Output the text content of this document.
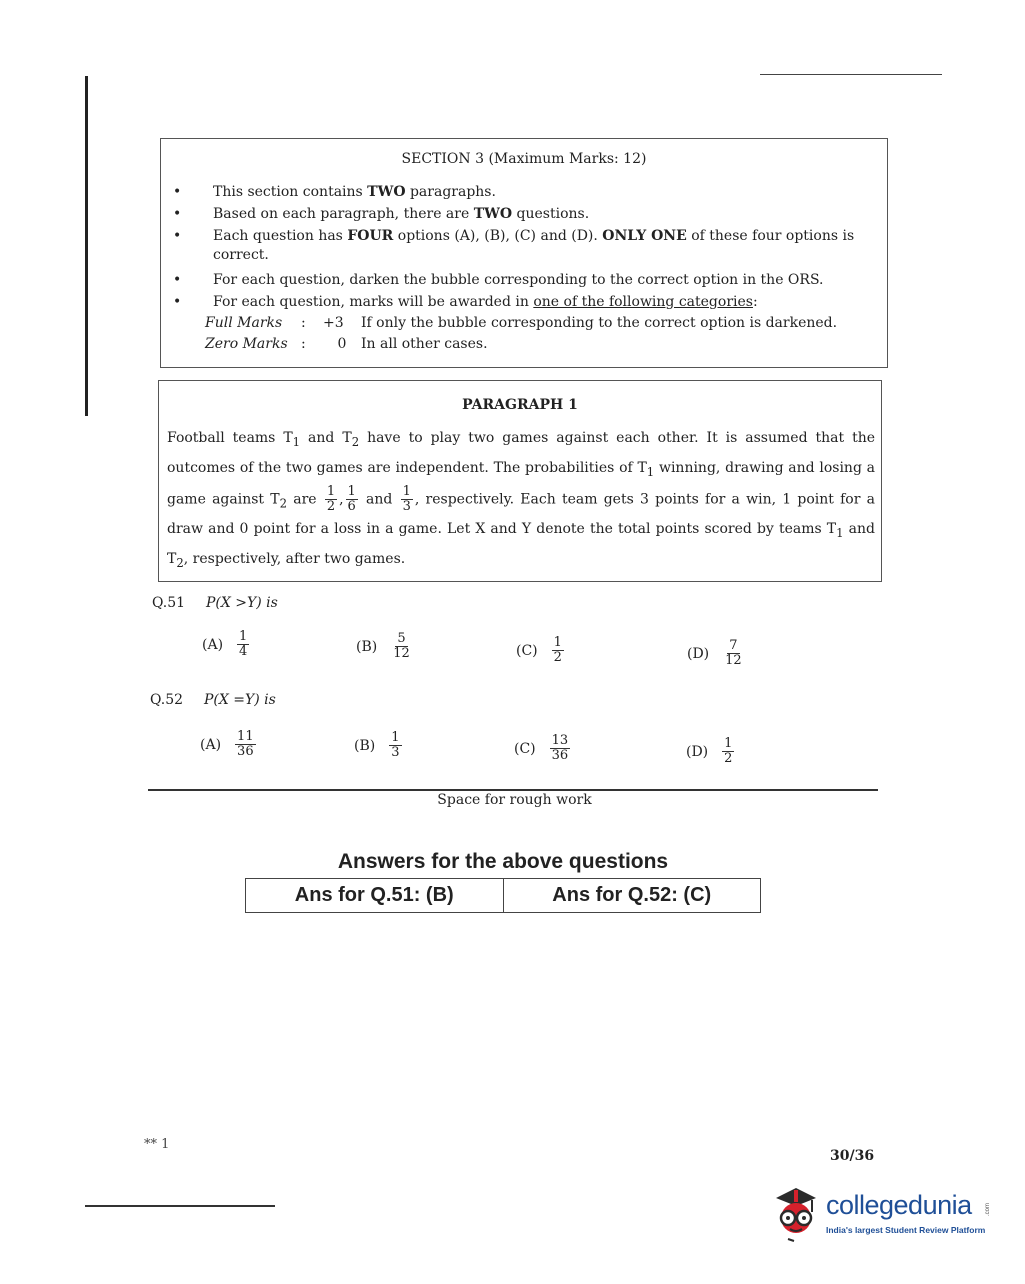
SECTION 3 (Maximum Marks: 12)
•	This section contains TWO paragraphs.
•	Based on each paragraph, there are TWO questions.
•	Each question has FOUR options (A), (B), (C) and (D). ONLY ONE of these four options is correct.
•	For each question, darken the bubble corresponding to the correct option in the ORS.
•	For each question, marks will be awarded in one of the following categories:
Full Marks	:	+3	If only the bubble corresponding to the correct option is darkened.
Zero Marks :	0	In all other cases.
PARAGRAPH 1
Football teams $T_1$ and $T_2$ have to play two games against each other. It is assumed that the outcomes of the two games are independent. The probabilities of $T_1$ winning, drawing and losing a game against $T_2$ are $\frac{1}{2}$ , $\frac{1}{6}$ and $\frac{1}{3}$ , respectively. Each team gets 3 points for a win, 1 point for a draw and 0 point for a loss in a game. Let X and Y denote the total points scored by teams $T_1$ and $T_2$, respectively, after two games.
Q.51 P(X >Y) is
$(A) \frac{1}{4}$	$(B) \frac{5}{12}$	$(C) \frac{1}{2}$	$(D) \frac{7}{12}$
Q.52 P(X =Y) is
$(A) \frac{11}{36}$	$(B) \frac{1}{3}$	$(C) \frac{13}{36}$	$(D) \frac{1}{2}$
Space for rough work
Answers for the above questions
Ans for Q.51: (B)	Ans for Q.52: (C)
** 1
30/36
collegedunia .com
India's largest Student Review Platform
